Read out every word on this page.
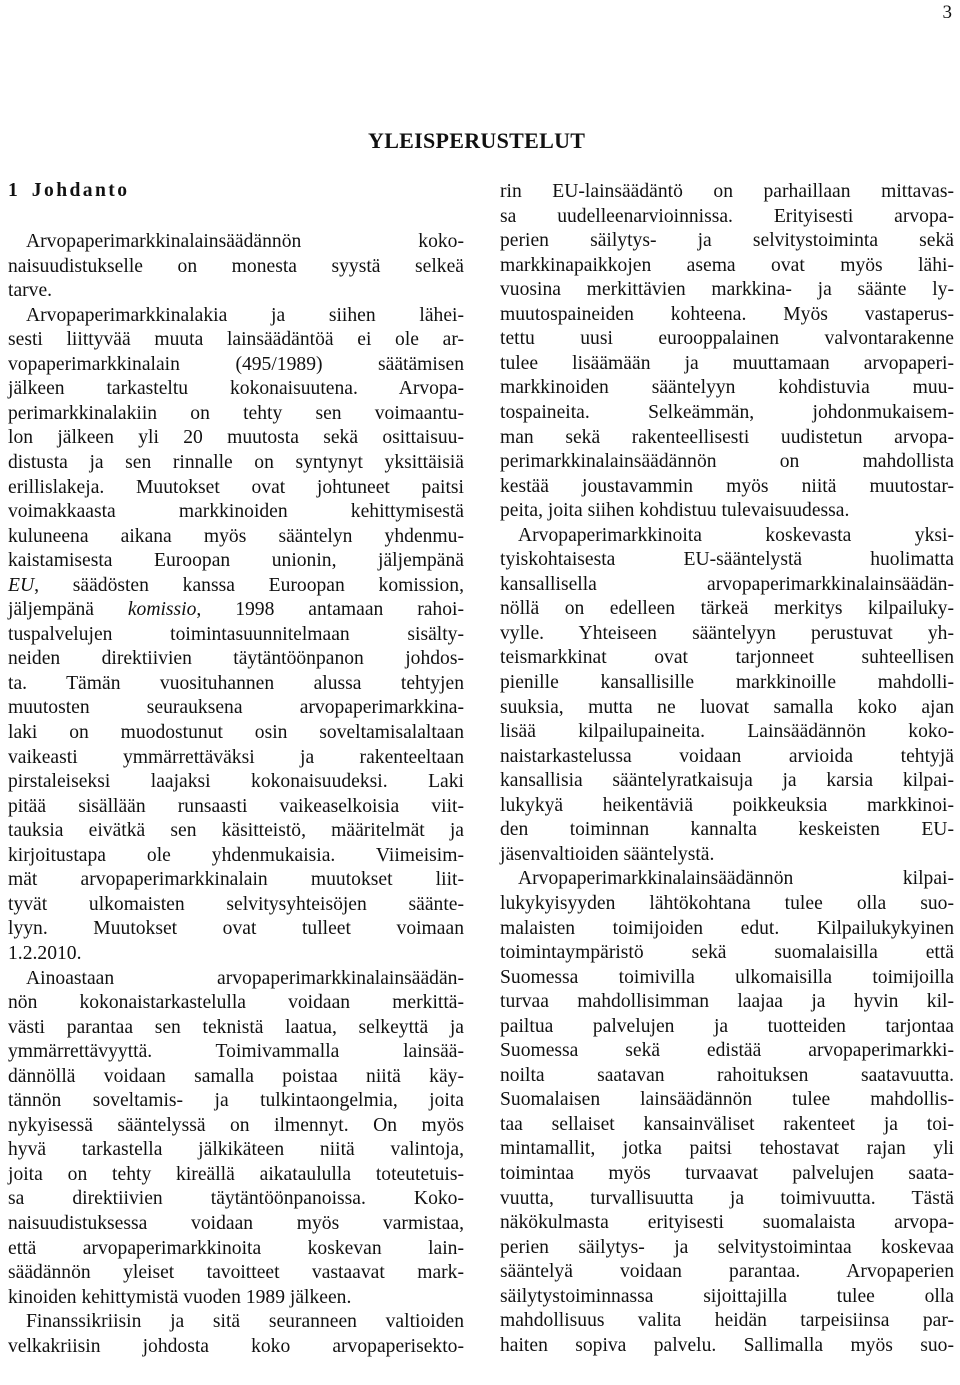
3
YLEISPERUSTELUT
1 Johdanto
Arvopaperimarkkinalainsäädännön koko-
naisuudistukselle on monesta syystä selkeä
tarve.
Arvopaperimarkkinalakia ja siihen lähei-
sesti liittyvää muuta lainsäädäntöä ei ole ar-
vopaperimarkkinalain (495/1989) säätämisen
jälkeen tarkasteltu kokonaisuutena. Arvopa-
perimarkkinalakiin on tehty sen voimaantu-
lon jälkeen yli 20 muutosta sekä osittaisuu-
distusta ja sen rinnalle on syntynyt yksittäisiä
erillislakeja. Muutokset ovat johtuneet paitsi
voimakkaasta markkinoiden kehittymisestä
kuluneena aikana myös sääntelyn yhdenmu-
kaistamisesta Euroopan unionin, jäljempänä
EU, säädösten kanssa Euroopan komission,
jäljempänä komissio, 1998 antamaan rahoi-
tuspalvelujen toimintasuunnitelmaan sisälty-
neiden direktiivien täytäntöönpanon johdos-
ta. Tämän vuosituhannen alussa tehtyjen
muutosten seurauksena arvopaperimarkkina-
laki on muodostunut osin soveltamisalaltaan
vaikeasti ymmärrettäväksi ja rakenteeltaan
pirstaleiseksi laajaksi kokonaisuudeksi. Laki
pitää sisällään runsaasti vaikeaselkoisia viit-
tauksia eivätkä sen käsitteistö, määritelmät ja
kirjoitustapa ole yhdenmukaisia. Viimeisim-
mät arvopaperimarkkinalain muutokset liit-
tyvät ulkomaisten selvitysyhteisöjen säänte-
lyyn. Muutokset ovat tulleet voimaan
1.2.2010.
Ainoastaan arvopaperimarkkinalainsäädän-
nön kokonaistarkastelulla voidaan merkittä-
västi parantaa sen teknistä laatua, selkeyttä ja
ymmärrettävyyttä. Toimivammalla lainsää-
dännöllä voidaan samalla poistaa niitä käy-
tännön soveltamis- ja tulkintaongelmia, joita
nykyisessä sääntelyssä on ilmennyt. On myös
hyvä tarkastella jälkikäteen niitä valintoja,
joita on tehty kireällä aikataululla toteutetuis-
sa direktiivien täytäntöönpanoissa. Koko-
naisuudistuksessa voidaan myös varmistaa,
että arvopaperimarkkinoita koskevan lain-
säädännön yleiset tavoitteet vastaavat mark-
kinoiden kehittymistä vuoden 1989 jälkeen.
Finanssikriisin ja sitä seuranneen valtioiden
velkakriisin johdosta koko arvopaperisekto-
rin EU-lainsäädäntö on parhaillaan mittavas-
sa uudelleenarvioinnissa. Erityisesti arvopa-
perien säilytys- ja selvitystoiminta sekä
markkinapaikkojen asema ovat myös lähi-
vuosina merkittävien markkina- ja säänte ly-
muutospaineiden kohteena. Myös vastaperus-
tettu uusi eurooppalainen valvontarakenne
tulee lisäämään ja muuttamaan arvopaperi-
markkinoiden sääntelyyn kohdistuvia muu-
tospaineita. Selkeämmän, johdonmukaisem-
man sekä rakenteellisesti uudistetun arvopa-
perimarkkinalainsäädännön on mahdollista
kestää joustavammin myös niitä muutostar-
peita, joita siihen kohdistuu tulevaisuudessa.
Arvopaperimarkkinoita koskevasta yksi-
tyiskohtaisesta EU-sääntelystä huolimatta
kansallisella arvopaperimarkkinalainsäädän-
nöllä on edelleen tärkeä merkitys kilpailuky-
vylle. Yhteiseen sääntelyyn perustuvat yh-
teismarkkinat ovat tarjonneet suhteellisen
pienille kansallisille markkinoille mahdolli-
suuksia, mutta ne luovat samalla koko ajan
lisää kilpailupaineita. Lainsäädännön koko-
naistarkastelussa voidaan arvioida tehtyjä
kansallisia sääntelyratkaisuja ja karsia kilpai-
lukykyä heikentäviä poikkeuksia markkinoi-
den toiminnan kannalta keskeisten EU-
jäsenvaltioiden sääntelystä.
Arvopaperimarkkinalainsäädännön kilpai-
lukykyisyyden lähtökohtana tulee olla suo-
malaisten toimijoiden edut. Kilpailukykyinen
toimintaympäristö sekä suomalaisilla että
Suomessa toimivilla ulkomaisilla toimijoilla
turvaa mahdollisimman laajaa ja hyvin kil-
pailtua palvelujen ja tuotteiden tarjontaa
Suomessa sekä edistää arvopaperimarkki-
noilta saatavan rahoituksen saatavuutta.
Suomalaisen lainsäädännön tulee mahdollis-
taa sellaiset kansainväliset rakenteet ja toi-
mintamallit, jotka paitsi tehostavat rajan yli
toimintaa myös turvaavat palvelujen saata-
vuutta, turvallisuutta ja toimivuutta. Tästä
näkökulmasta erityisesti suomalaista arvopa-
perien säilytys- ja selvitystoimintaa koskevaa
sääntelyä voidaan parantaa. Arvopaperien
säilytystoiminnassa sijoittajilla tulee olla
mahdollisuus valita heidän tarpeisiinsa par-
haiten sopiva palvelu. Sallimalla myös suo-
